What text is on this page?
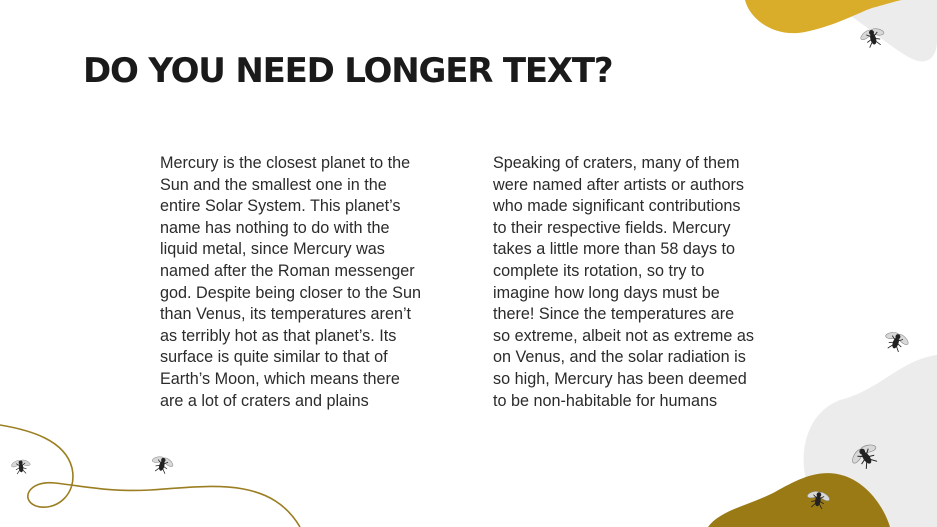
DO YOU NEED LONGER TEXT?
Mercury is the closest planet to the
Sun and the smallest one in the
entire Solar System. This planet’s
name has nothing to do with the
liquid metal, since Mercury was
named after the Roman messenger
god. Despite being closer to the Sun
than Venus, its temperatures aren’t
as terribly hot as that planet’s. Its
surface is quite similar to that of
Earth’s Moon, which means there
are a lot of craters and plains
Speaking of craters, many of them
were named after artists or authors
who made significant contributions
to their respective fields. Mercury
takes a little more than 58 days to
complete its rotation, so try to
imagine how long days must be
there! Since the temperatures are
so extreme, albeit not as extreme as
on Venus, and the solar radiation is
so high, Mercury has been deemed
to be non-habitable for humans
